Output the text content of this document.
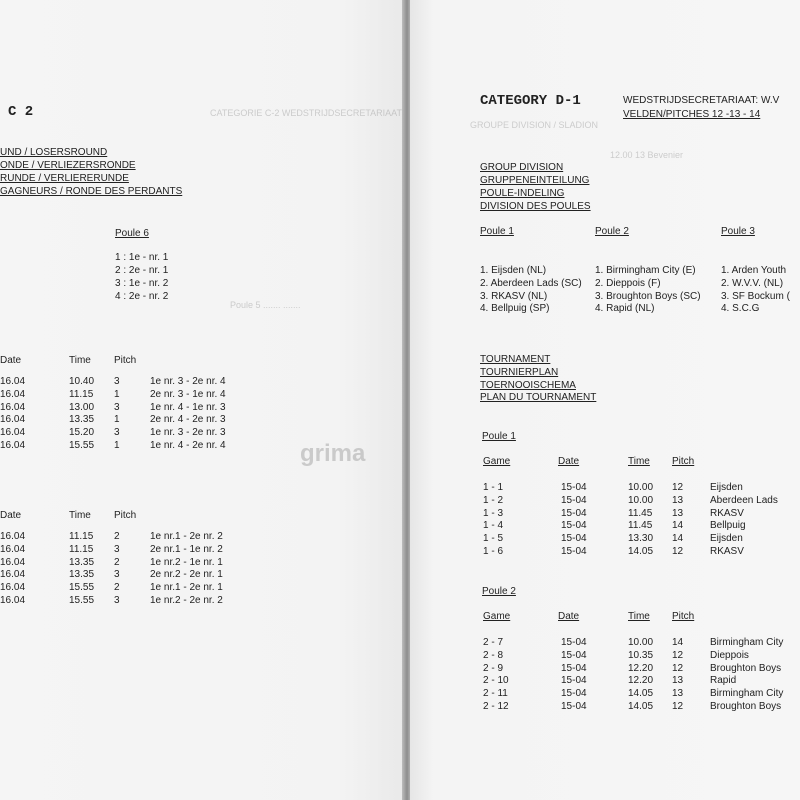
CATEGORIE C-2 WEDSTRIJDSECRETARIAAT
Poule 5 ....... .......
grima
C 2
UND / LOSERSROUND
ONDE / VERLIEZERSRONDE
RUNDE / VERLIERERUNDE
GAGNEURS / RONDE DES PERDANTS
Poule 6
1 : 1e - nr. 1
2 : 2e - nr. 1
3 : 1e - nr. 2
4 : 2e - nr. 2
Date	Time Pitch
16.04	10.40 3	1e nr. 3 - 2e nr. 4
16.04	11.15 1	2e nr. 3 - 1e nr. 4
16.04	13.00 3	1e nr. 4 - 1e nr. 3
16.04	13.35 1	2e nr. 4 - 2e nr. 3
16.04	15.20 3	1e nr. 3 - 2e nr. 3
16.04	15.55 1	1e nr. 4 - 2e nr. 4
Date	Time Pitch
16.04	11.15 2	1e nr.1 - 2e nr. 2
16.04	11.15 3	2e nr.1 - 1e nr. 2
16.04	13.35 2	1e nr.2 - 1e nr. 1
16.04	13.35 3	2e nr.2 - 2e nr. 1
16.04	15.55 2	1e nr.1 - 2e nr. 1
16.04	15.55 3	1e nr.2 - 2e nr. 2
GROUPE DIVISION / SLADION
12.00 13 Bevenier
CATEGORY D-1	WEDSTRIJDSECRETARIAAT: W.V
VELDEN/PITCHES 12 -13 - 14
GROUP DIVISION
GRUPPENEINTEILUNG
POULE-INDELING
DIVISION DES POULES
Poule 1
1. Eijsden (NL)
2. Aberdeen Lads (SC)
3. RKASV (NL)
4. Bellpuig (SP)
Poule 2
1. Birmingham City (E)
2. Dieppois (F)
3. Broughton Boys (SC)
4. Rapid (NL)
Poule 3
1. Arden Youth
2. W.V.V. (NL)
3. SF Bockum (
4. S.C.G
TOURNAMENT
TOURNIERPLAN
TOERNOOISCHEMA
PLAN DU TOURNAMENT
Poule 1
Game	Date	Time Pitch
1 - 1	15-04	10.00 12	Eijsden
1 - 2	15-04	10.00 13	Aberdeen Lads
1 - 3	15-04	11.45 13	RKASV
1 - 4	15-04	11.45 14	Bellpuig
1 - 5	15-04	13.30 14	Eijsden
1 - 6	15-04	14.05 12	RKASV
Poule 2
Game	Date	Time Pitch
2 - 7	15-04	10.00 14	Birmingham City
2 - 8	15-04	10.35 12	Dieppois
2 - 9	15-04	12.20 12	Broughton Boys
2 - 10	15-04	12.20 13	Rapid
2 - 11	15-04	14.05 13	Birmingham City
2 - 12	15-04	14.05 12	Broughton Boys
